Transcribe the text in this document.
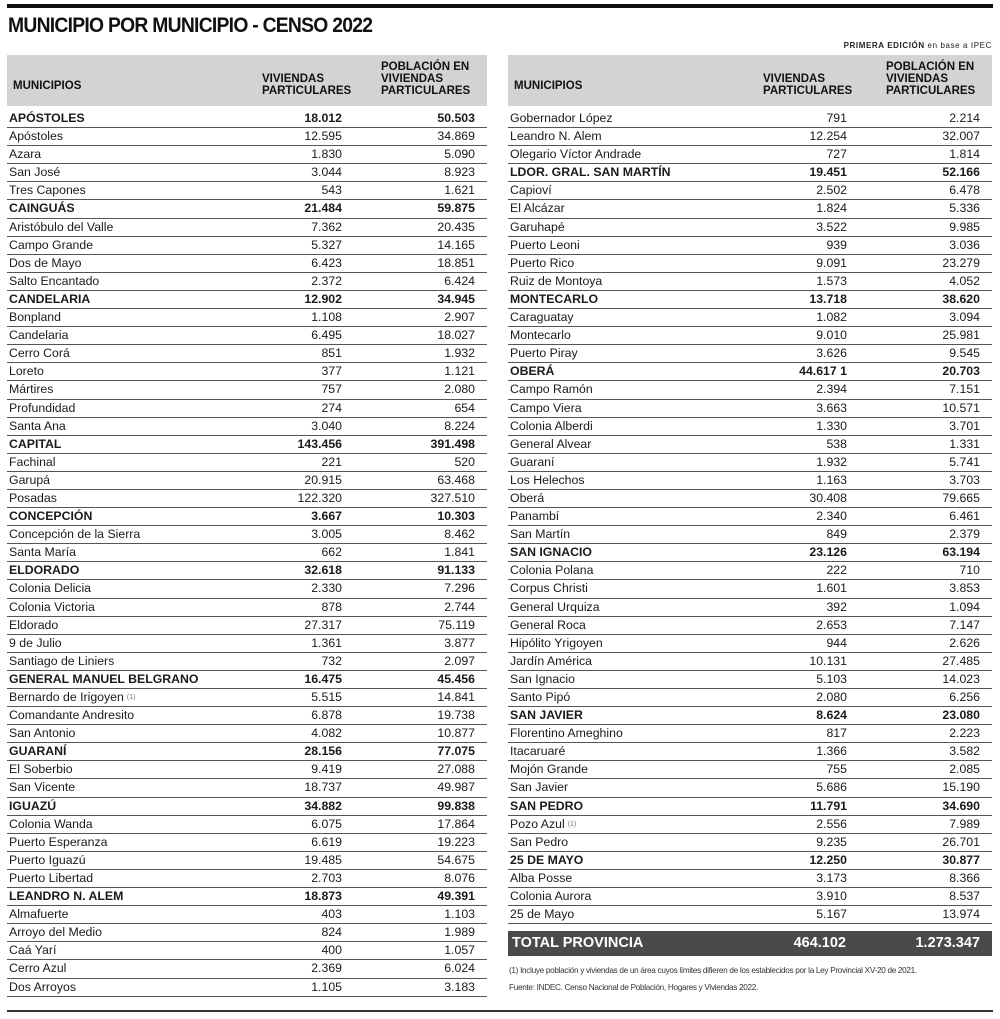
MUNICIPIO POR MUNICIPIO - CENSO 2022
PRIMERA EDICIÓN en base a IPEC
MUNICIPIOS
VIVIENDAS PARTICULARES
POBLACIÓN EN VIVIENDAS PARTICULARES
APÓSTOLES	18.012	50.503
Apóstoles	12.595	34.869
Azara	1.830	5.090
San José	3.044	8.923
Tres Capones	543	1.621
CAINGUÁS	21.484	59.875
Aristóbulo del Valle	7.362	20.435
Campo Grande	5.327	14.165
Dos de Mayo	6.423	18.851
Salto Encantado	2.372	6.424
CANDELARIA	12.902	34.945
Bonpland	1.108	2.907
Candelaria	6.495	18.027
Cerro Corá	851	1.932
Loreto	377	1.121
Mártires	757	2.080
Profundidad	274	654
Santa Ana	3.040	8.224
CAPITAL	143.456	391.498
Fachinal	221	520
Garupá	20.915	63.468
Posadas	122.320	327.510
CONCEPCIÓN	3.667	10.303
Concepción de la Sierra	3.005	8.462
Santa María	662	1.841
ELDORADO	32.618	91.133
Colonia Delicia	2.330	7.296
Colonia Victoria	878	2.744
Eldorado	27.317	75.119
9 de Julio	1.361	3.877
Santiago de Liniers	732	2.097
GENERAL MANUEL BELGRANO	16.475	45.456
Bernardo de Irigoyen $^{(1)}$	5.515	14.841
Comandante Andresito	6.878	19.738
San Antonio	4.082	10.877
GUARANÍ	28.156	77.075
El Soberbio	9.419	27.088
San Vicente	18.737	49.987
IGUAZÚ	34.882	99.838
Colonia Wanda	6.075	17.864
Puerto Esperanza	6.619	19.223
Puerto Iguazú	19.485	54.675
Puerto Libertad	2.703	8.076
LEANDRO N. ALEM	18.873	49.391
Almafuerte	403	1.103
Arroyo del Medio	824	1.989
Caá Yarí	400	1.057
Cerro Azul	2.369	6.024
Dos Arroyos	1.105	3.183
MUNICIPIOS
VIVIENDAS PARTICULARES
POBLACIÓN EN VIVIENDAS PARTICULARES
Gobernador López	791	2.214
Leandro N. Alem	12.254	32.007
Olegario Víctor Andrade	727	1.814
LDOR. GRAL. SAN MARTÍN	19.451	52.166
Capioví	2.502	6.478
El Alcázar	1.824	5.336
Garuhapé	3.522	9.985
Puerto Leoni	939	3.036
Puerto Rico	9.091	23.279
Ruiz de Montoya	1.573	4.052
MONTECARLO	13.718	38.620
Caraguatay	1.082	3.094
Montecarlo	9.010	25.981
Puerto Piray	3.626	9.545
OBERÁ	44.617 1	20.703
Campo Ramón	2.394	7.151
Campo Viera	3.663	10.571
Colonia Alberdi	1.330	3.701
General Alvear	538	1.331
Guaraní	1.932	5.741
Los Helechos	1.163	3.703
Oberá	30.408	79.665
Panambí	2.340	6.461
San Martín	849	2.379
SAN IGNACIO	23.126	63.194
Colonia Polana	222	710
Corpus Christi	1.601	3.853
General Urquiza	392	1.094
General Roca	2.653	7.147
Hipólito Yrigoyen	944	2.626
Jardín América	10.131	27.485
San Ignacio	5.103	14.023
Santo Pipó	2.080	6.256
SAN JAVIER	8.624	23.080
Florentino Ameghino	817	2.223
Itacaruaré	1.366	3.582
Mojón Grande	755	2.085
San Javier	5.686	15.190
SAN PEDRO	11.791	34.690
Pozo Azul $^{(1)}$	2.556	7.989
San Pedro	9.235	26.701
25 DE MAYO	12.250	30.877
Alba Posse	3.173	8.366
Colonia Aurora	3.910	8.537
25 de Mayo	5.167	13.974
TOTAL PROVINCIA	464.102	1.273.347
(1) Incluye población y viviendas de un área cuyos límites difieren de los establecidos por la Ley Provincial XV-20 de 2021.
Fuente: INDEC. Censo Nacional de Población, Hogares y Viviendas 2022.
